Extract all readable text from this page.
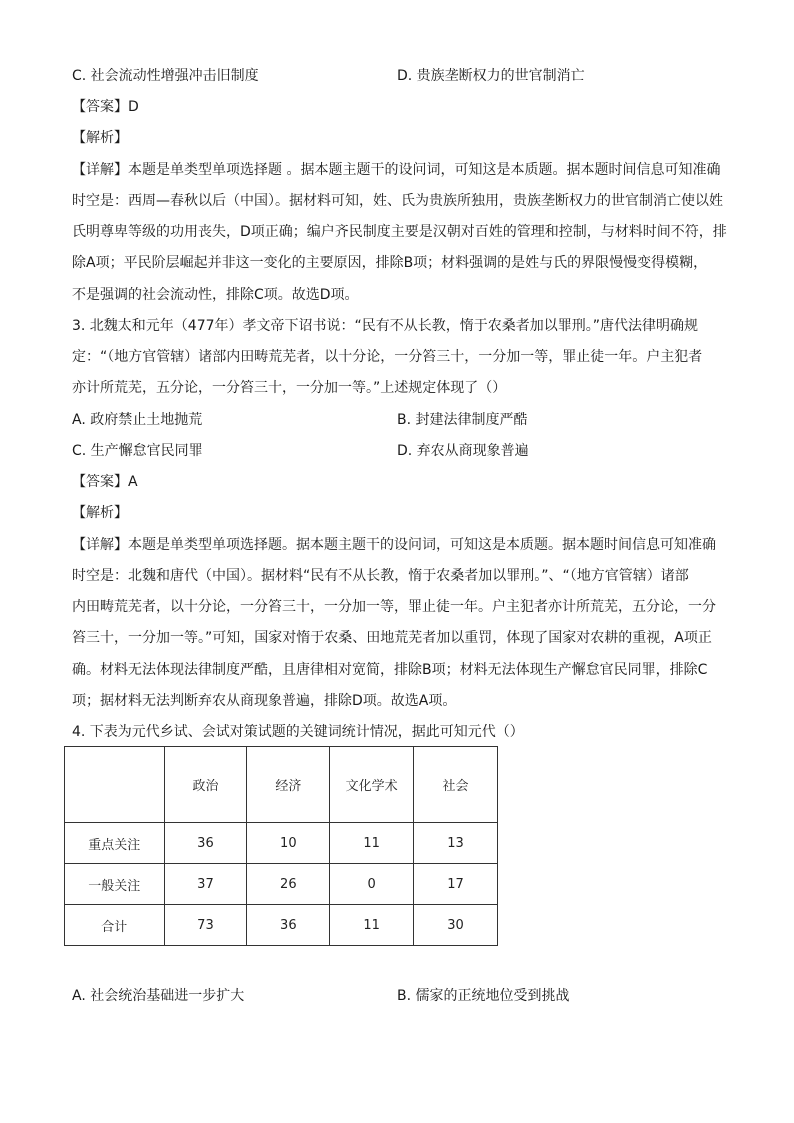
C. 社会流动性增强冲击旧制度	D. 贵族垄断权力的世官制消亡
【答案】D
【解析】
【详解】本题是单类型单项选择题 。据本题主题干的设问词，可知这是本质题。据本题时间信息可知准确
时空是：西周—春秋以后（中国）。据材料可知，姓、氏为贵族所独用，贵族垄断权力的世官制消亡使以姓
氏明尊卑等级的功用丧失，D项正确；编户齐民制度主要是汉朝对百姓的管理和控制，与材料时间不符，排
除A项；平民阶层崛起并非这一变化的主要原因，排除B项；材料强调的是姓与氏的界限慢慢变得模糊，
不是强调的社会流动性，排除C项。故选D项。
3. 北魏太和元年（477年）孝文帝下诏书说：“民有不从长教，惰于农桑者加以罪刑。”唐代法律明确规
定：“（地方官管辖）诸部内田畴荒芜者，以十分论，一分笞三十，一分加一等，罪止徒一年。户主犯者
亦计所荒芜，五分论，一分笞三十，一分加一等。”上述规定体现了（）
A. 政府禁止土地抛荒	B. 封建法律制度严酷
C. 生产懈怠官民同罪	D. 弃农从商现象普遍
【答案】A
【解析】
【详解】本题是单类型单项选择题。据本题主题干的设问词，可知这是本质题。据本题时间信息可知准确
时空是：北魏和唐代（中国）。据材料“民有不从长教，惰于农桑者加以罪刑。”、“（地方官管辖）诸部
内田畴荒芜者，以十分论，一分笞三十，一分加一等，罪止徒一年。户主犯者亦计所荒芜，五分论，一分
笞三十，一分加一等。”可知，国家对惰于农桑、田地荒芜者加以重罚，体现了国家对农耕的重视，A项正
确。材料无法体现法律制度严酷，且唐律相对宽简，排除B项；材料无法体现生产懈怠官民同罪，排除C
项；据材料无法判断弃农从商现象普遍，排除D项。故选A项。
4. 下表为元代乡试、会试对策试题的关键词统计情况，据此可知元代（）
	政治	经济	文化学术	社会
重点关注	36	10	11	13
一般关注	37	26	0	17
合计	73	36	11	30
A. 社会统治基础进一步扩大	B. 儒家的正统地位受到挑战
